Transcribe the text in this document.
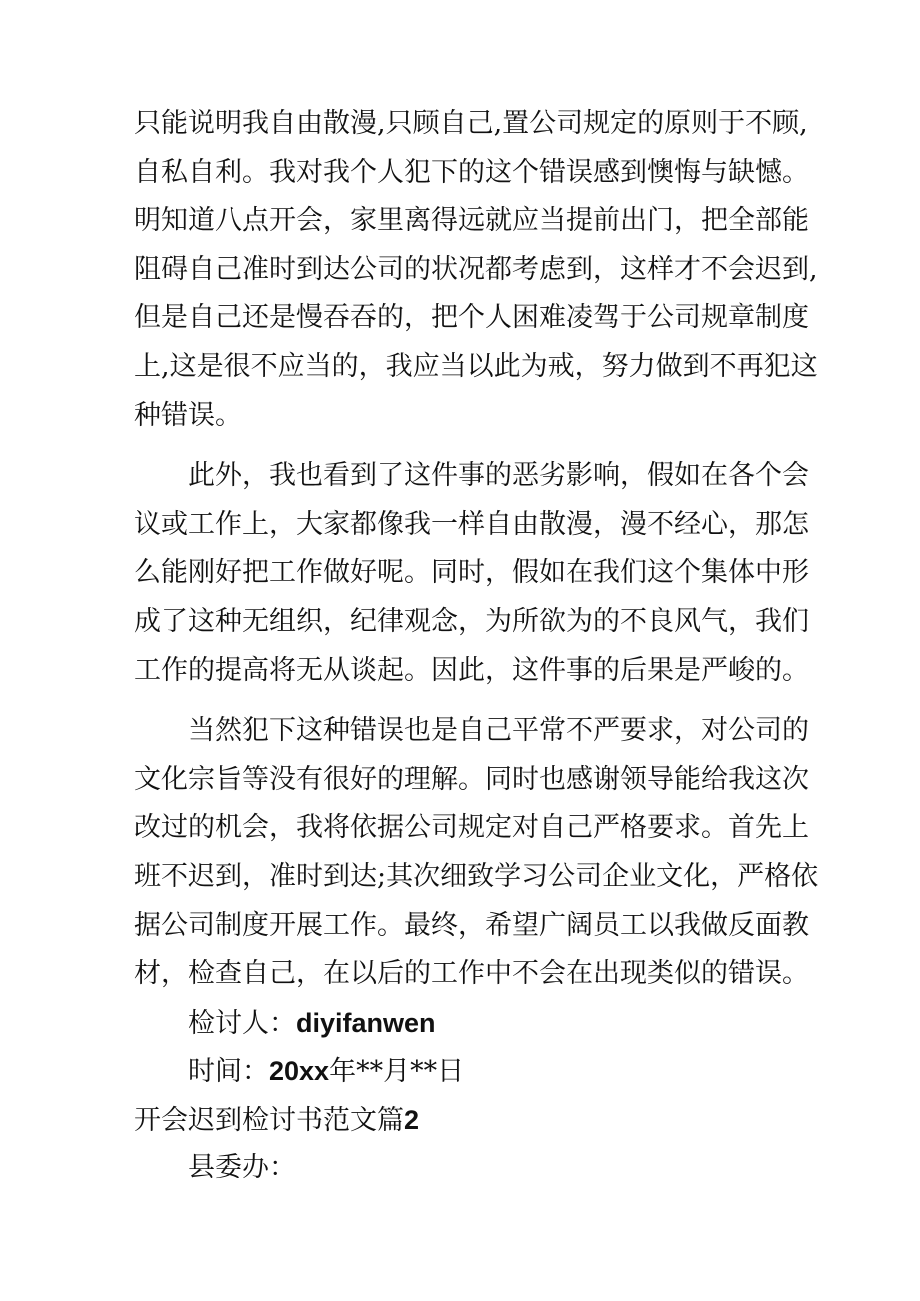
只能说明我自由散漫,只顾自己,置公司规定的原则于不顾,
自私自利。我对我个人犯下的这个错误感到懊悔与缺憾。
明知道八点开会，家里离得远就应当提前出门，把全部能
阻碍自己准时到达公司的状况都考虑到，这样才不会迟到,
但是自己还是慢吞吞的，把个人困难凌驾于公司规章制度
上,这是很不应当的，我应当以此为戒，努力做到不再犯这
种错误。
此外，我也看到了这件事的恶劣影响，假如在各个会
议或工作上，大家都像我一样自由散漫，漫不经心，那怎
么能刚好把工作做好呢。同时，假如在我们这个集体中形
成了这种无组织，纪律观念，为所欲为的不良风气，我们
工作的提高将无从谈起。因此，这件事的后果是严峻的。
当然犯下这种错误也是自己平常不严要求，对公司的
文化宗旨等没有很好的理解。同时也感谢领导能给我这次
改过的机会，我将依据公司规定对自己严格要求。首先上
班不迟到，准时到达;其次细致学习公司企业文化，严格依
据公司制度开展工作。最终，希望广阔员工以我做反面教
材，检查自己，在以后的工作中不会在出现类似的错误。
检讨人：diyifanwen
时间：20xx年**月**日
开会迟到检讨书范文篇2
县委办：
